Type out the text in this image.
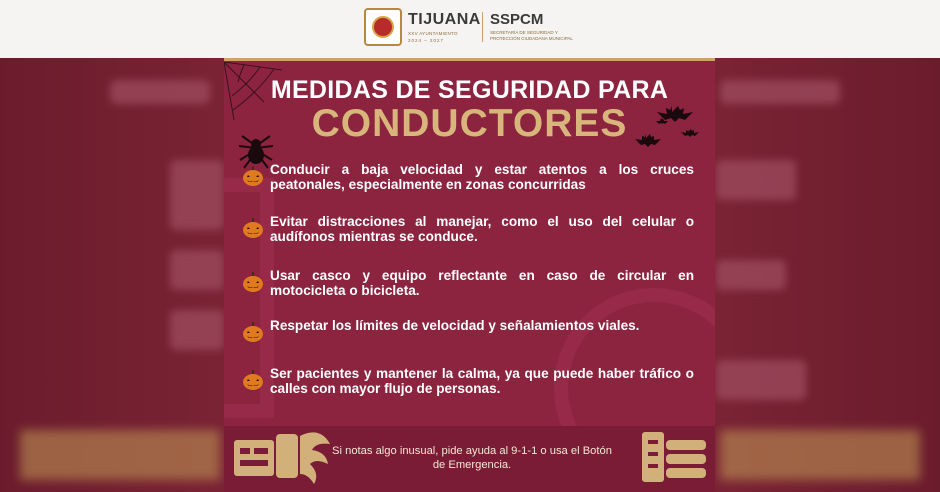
TIJUANA
XXV AYUNTAMIENTO
2024 – 2027
SSPCM
SECRETARÍA DE SEGURIDAD Y PROTECCIÓN CIUDADANA MUNICIPAL
MEDIDAS DE SEGURIDAD PARA
CONDUCTORES
Conducir a baja velocidad y estar atentos a los cruces peatonales, especialmente en zonas concurridas
Evitar distracciones al manejar, como el uso del celular o audífonos mientras se conduce.
Usar casco y equipo reflectante en caso de circular en motocicleta o bicicleta.
Respetar los límites de velocidad y señalamientos viales.
Ser pacientes y mantener la calma, ya que puede haber tráfico o calles con mayor flujo de personas.
Si notas algo inusual, pide ayuda al 9-1-1 o usa el Botón de Emergencia.
